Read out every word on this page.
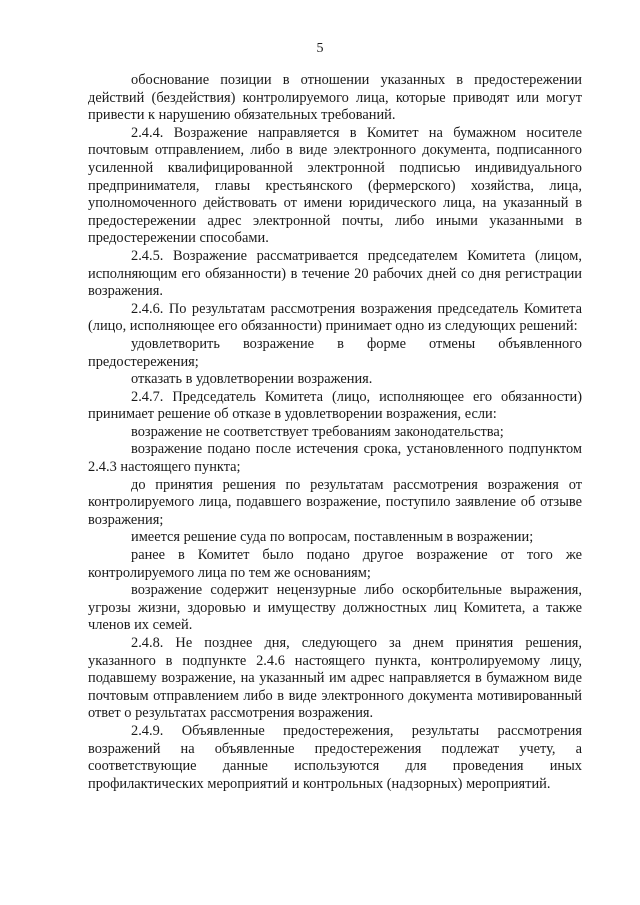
5

обоснование позиции в отношении указанных в предостережении действий (бездействия) контролируемого лица, которые приводят или могут привести к нарушению обязательных требований.

2.4.4. Возражение направляется в Комитет на бумажном носителе почтовым отправлением, либо в виде электронного документа, подписанного усиленной квалифицированной электронной подписью индивидуального предпринимателя, главы крестьянского (фермерского) хозяйства, лица, уполномоченного действовать от имени юридического лица, на указанный в предостережении адрес электронной почты, либо иными указанными в предостережении способами.

2.4.5. Возражение рассматривается председателем Комитета (лицом, исполняющим его обязанности) в течение 20 рабочих дней со дня регистрации возражения.

2.4.6. По результатам рассмотрения возражения председатель Комитета (лицо, исполняющее его обязанности) принимает одно из следующих решений:

удовлетворить возражение в форме отмены объявленного предостережения;

отказать в удовлетворении возражения.

2.4.7. Председатель Комитета (лицо, исполняющее его обязанности) принимает решение об отказе в удовлетворении возражения, если:

возражение не соответствует требованиям законодательства;

возражение подано после истечения срока, установленного подпунктом 2.4.3 настоящего пункта;

до принятия решения по результатам рассмотрения возражения от контролируемого лица, подавшего возражение, поступило заявление об отзыве возражения;

имеется решение суда по вопросам, поставленным в возражении;

ранее в Комитет было подано другое возражение от того же контролируемого лица по тем же основаниям;

возражение содержит нецензурные либо оскорбительные выражения, угрозы жизни, здоровью и имуществу должностных лиц Комитета, а также членов их семей.

2.4.8. Не позднее дня, следующего за днем принятия решения, указанного в подпункте 2.4.6 настоящего пункта, контролируемому лицу, подавшему возражение, на указанный им адрес направляется в бумажном виде почтовым отправлением либо в виде электронного документа мотивированный ответ о результатах рассмотрения возражения.

2.4.9. Объявленные предостережения, результаты рассмотрения возражений на объявленные предостережения подлежат учету, а соответствующие данные используются для проведения иных профилактических мероприятий и контрольных (надзорных) мероприятий.
